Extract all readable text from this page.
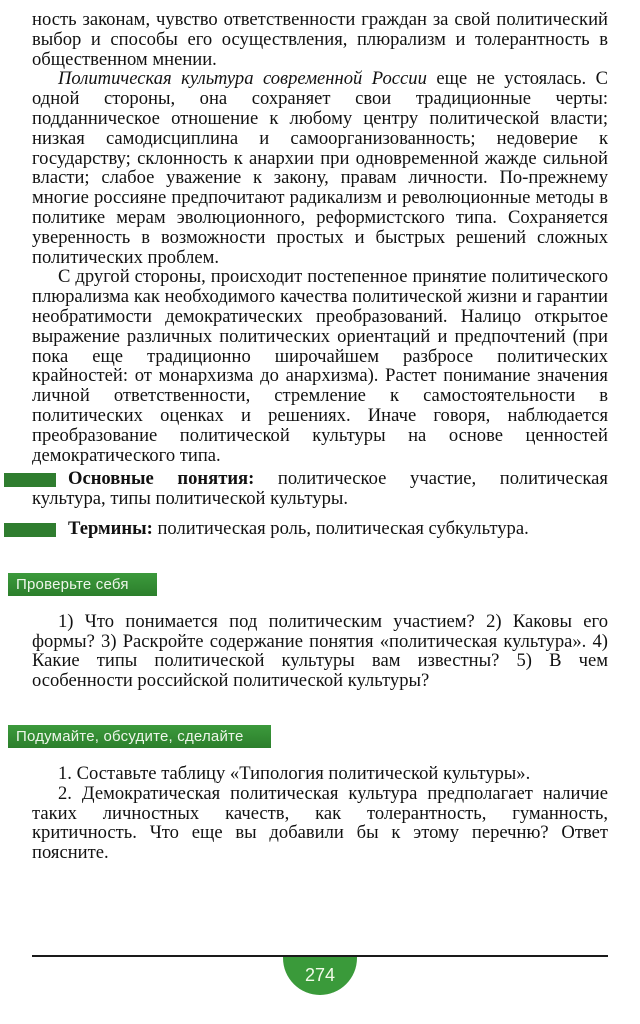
ность законам, чувство ответственности граждан за свой политический выбор и способы его осуществления, плюрализм и толерантность в общественном мнении.

Политическая культура современной России еще не устоялась. С одной стороны, она сохраняет свои традиционные черты: подданническое отношение к любому центру политической власти; низкая самодисциплина и самоорганизованность; недоверие к государству; склонность к анархии при одновременной жажде сильной власти; слабое уважение к закону, правам личности. По-прежнему многие россияне предпочитают радикализм и революционные методы в политике мерам эволюционного, реформистского типа. Сохраняется уверенность в возможности простых и быстрых решений сложных политических проблем.

С другой стороны, происходит постепенное принятие политического плюрализма как необходимого качества политической жизни и гарантии необратимости демократических преобразований. Налицо открытое выражение различных политических ориентаций и предпочтений (при пока еще традиционно широчайшем разбросе политических крайностей: от монархизма до анархизма). Растет понимание значения личной ответственности, стремление к самостоятельности в политических оценках и решениях. Иначе говоря, наблюдается преобразование политической культуры на основе ценностей демократического типа.

Основные понятия: политическое участие, политическая культура, типы политической культуры.

Термины: политическая роль, политическая субкультура.

Проверьте себя

1) Что понимается под политическим участием? 2) Каковы его формы? 3) Раскройте содержание понятия «политическая культура». 4) Какие типы политической культуры вам известны? 5) В чем особенности российской политической культуры?

Подумайте, обсудите, сделайте

1. Составьте таблицу «Типология политической культуры».

2. Демократическая политическая культура предполагает наличие таких личностных качеств, как толерантность, гуманность, критичность. Что еще вы добавили бы к этому перечню? Ответ поясните.

274
